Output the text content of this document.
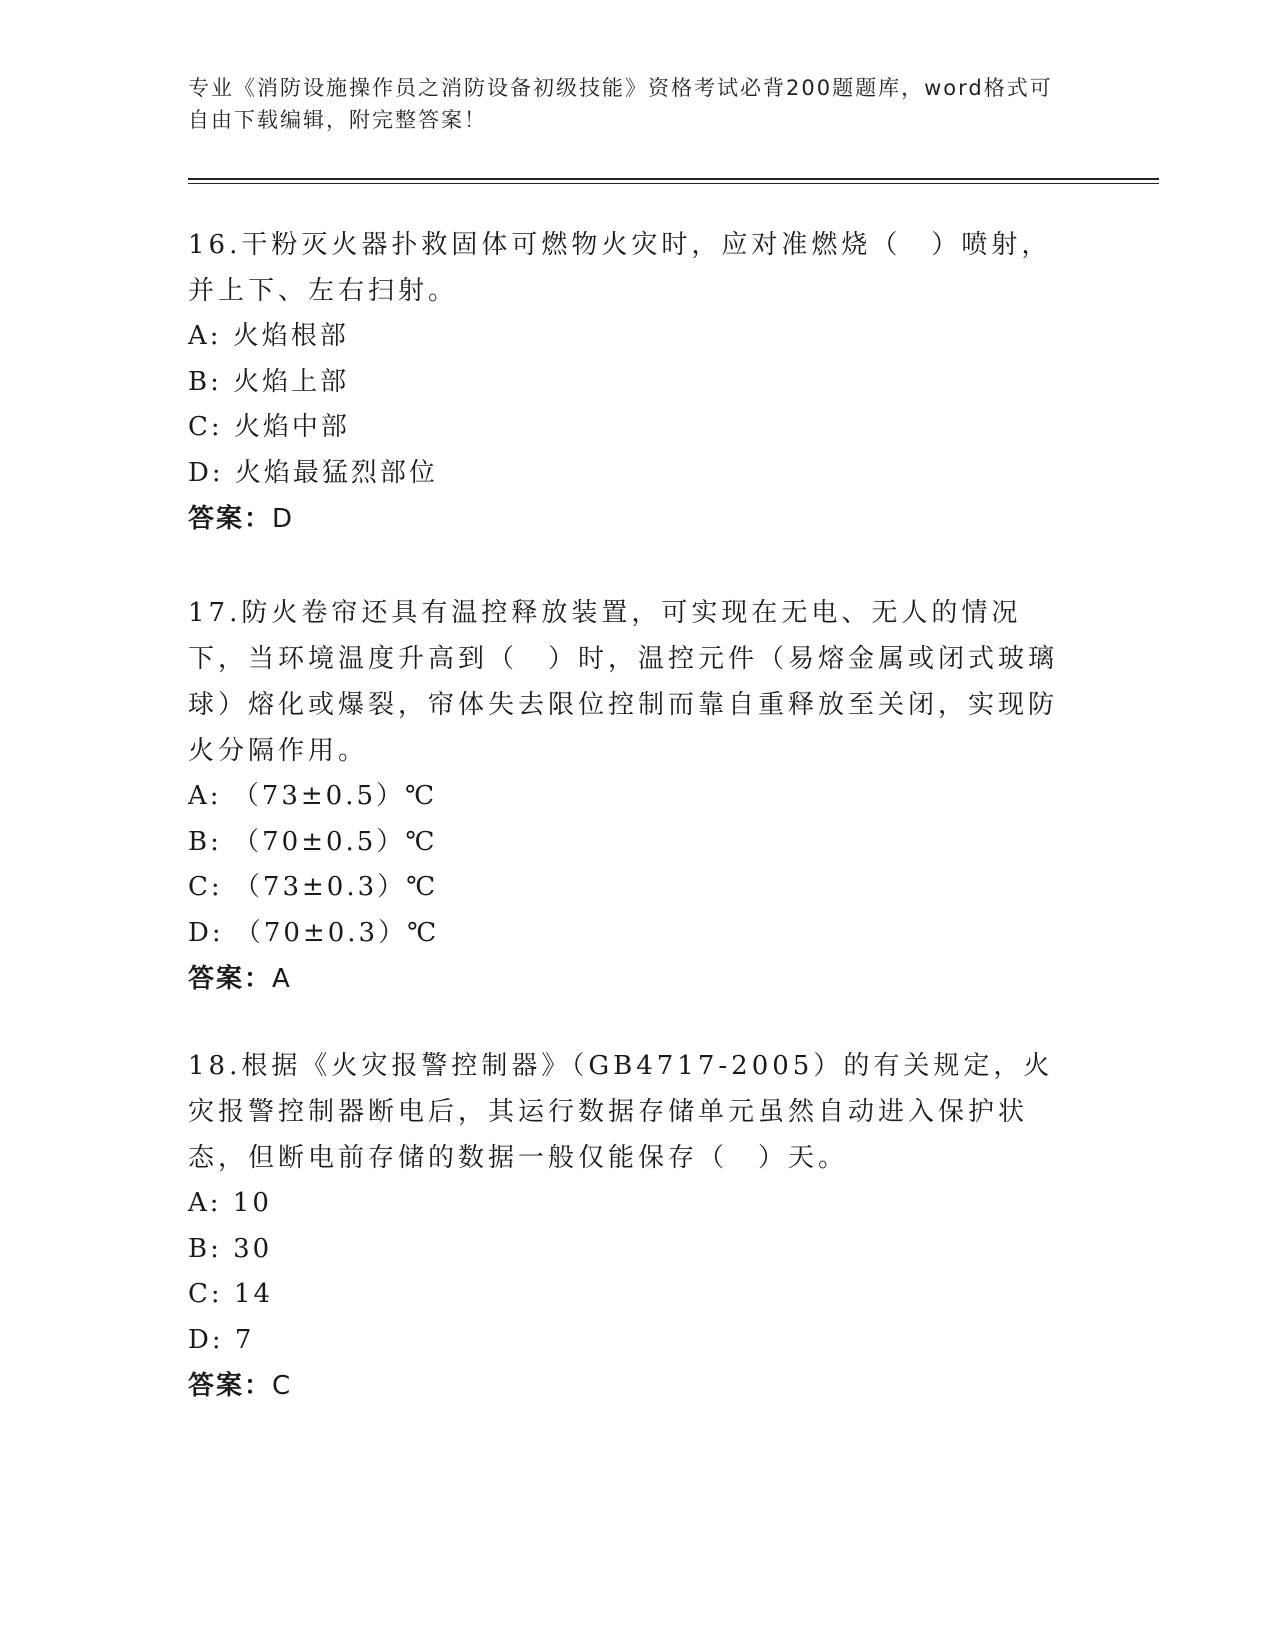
专业《消防设施操作员之消防设备初级技能》资格考试必背200题题库，word格式可自由下载编辑，附完整答案！

16.干粉灭火器扑救固体可燃物火灾时，应对准燃烧（　）喷射，并上下、左右扫射。

A: 火焰根部

B: 火焰上部

C: 火焰中部

D: 火焰最猛烈部位

答案：D

17.防火卷帘还具有温控释放装置，可实现在无电、无人的情况下，当环境温度升高到（　）时，温控元件（易熔金属或闭式玻璃球）熔化或爆裂，帘体失去限位控制而靠自重释放至关闭，实现防火分隔作用。

A: （73±0.5）℃

B: （70±0.5）℃

C: （73±0.3）℃

D: （70±0.3）℃

答案：A

18.根据《火灾报警控制器》（GB4717-2005）的有关规定，火灾报警控制器断电后，其运行数据存储单元虽然自动进入保护状态，但断电前存储的数据一般仅能保存（　）天。

A: 10

B: 30

C: 14

D: 7

答案：C
